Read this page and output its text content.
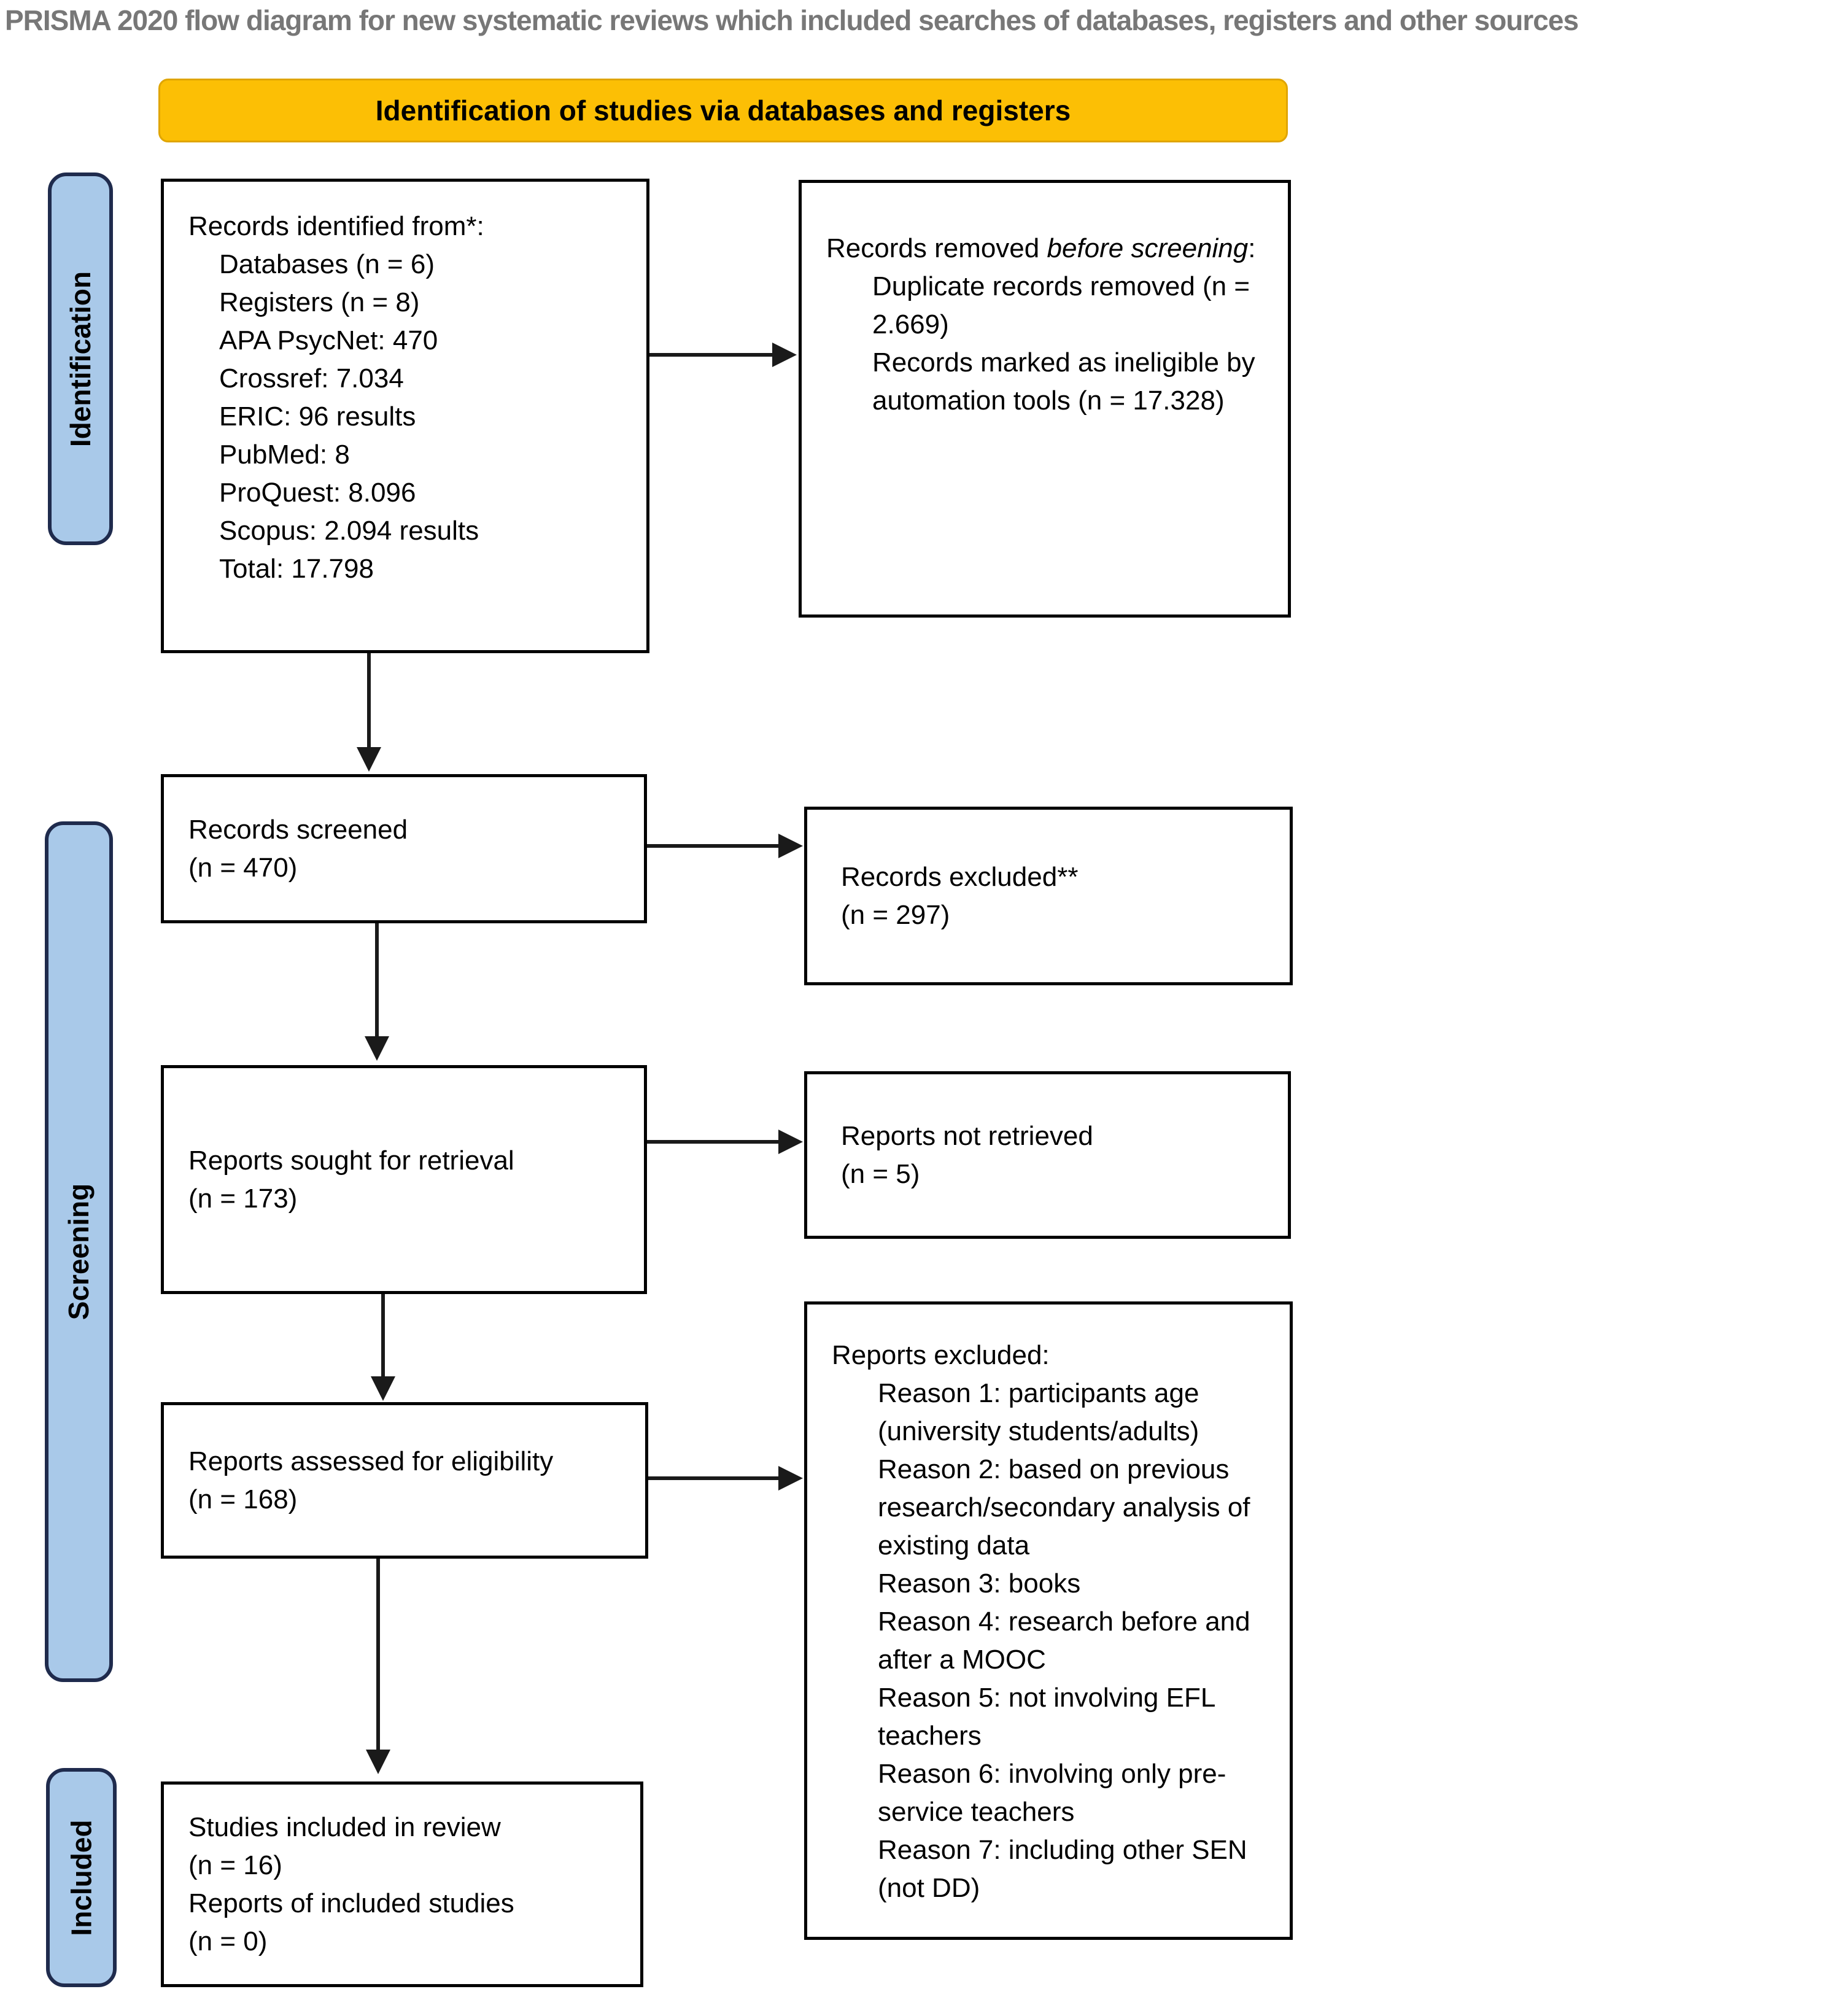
PRISMA 2020 flow diagram for new systematic reviews which included searches of databases, registers and other sources
Identification of studies via databases and registers
Identification
Screening
Included
Records identified from*:
Databases (n = 6)
Registers (n = 8)
APA PsycNet: 470
Crossref: 7.034
ERIC: 96 results
PubMed: 8
ProQuest: 8.096
Scopus: 2.094 results
Total: 17.798
Records removed before screening:
Duplicate records removed (n = 2.669)
Records marked as ineligible by automation tools (n = 17.328)
Records screened
(n = 470)	Records excluded**
(n = 297)
Reports sought for retrieval
(n = 173)
Reports not retrieved
(n = 5)
Reports assessed for eligibility
(n = 168)
Reports excluded:
Reason 1: participants age (university students/adults)
Reason 2: based on previous research/secondary analysis of existing data
Reason 3: books
Reason 4: research before and after a MOOC
Reason 5: not involving EFL teachers
Reason 6: involving only pre-service teachers
Reason 7: including other SEN (not DD)
Studies included in review
(n = 16)
Reports of included studies
(n = 0)
